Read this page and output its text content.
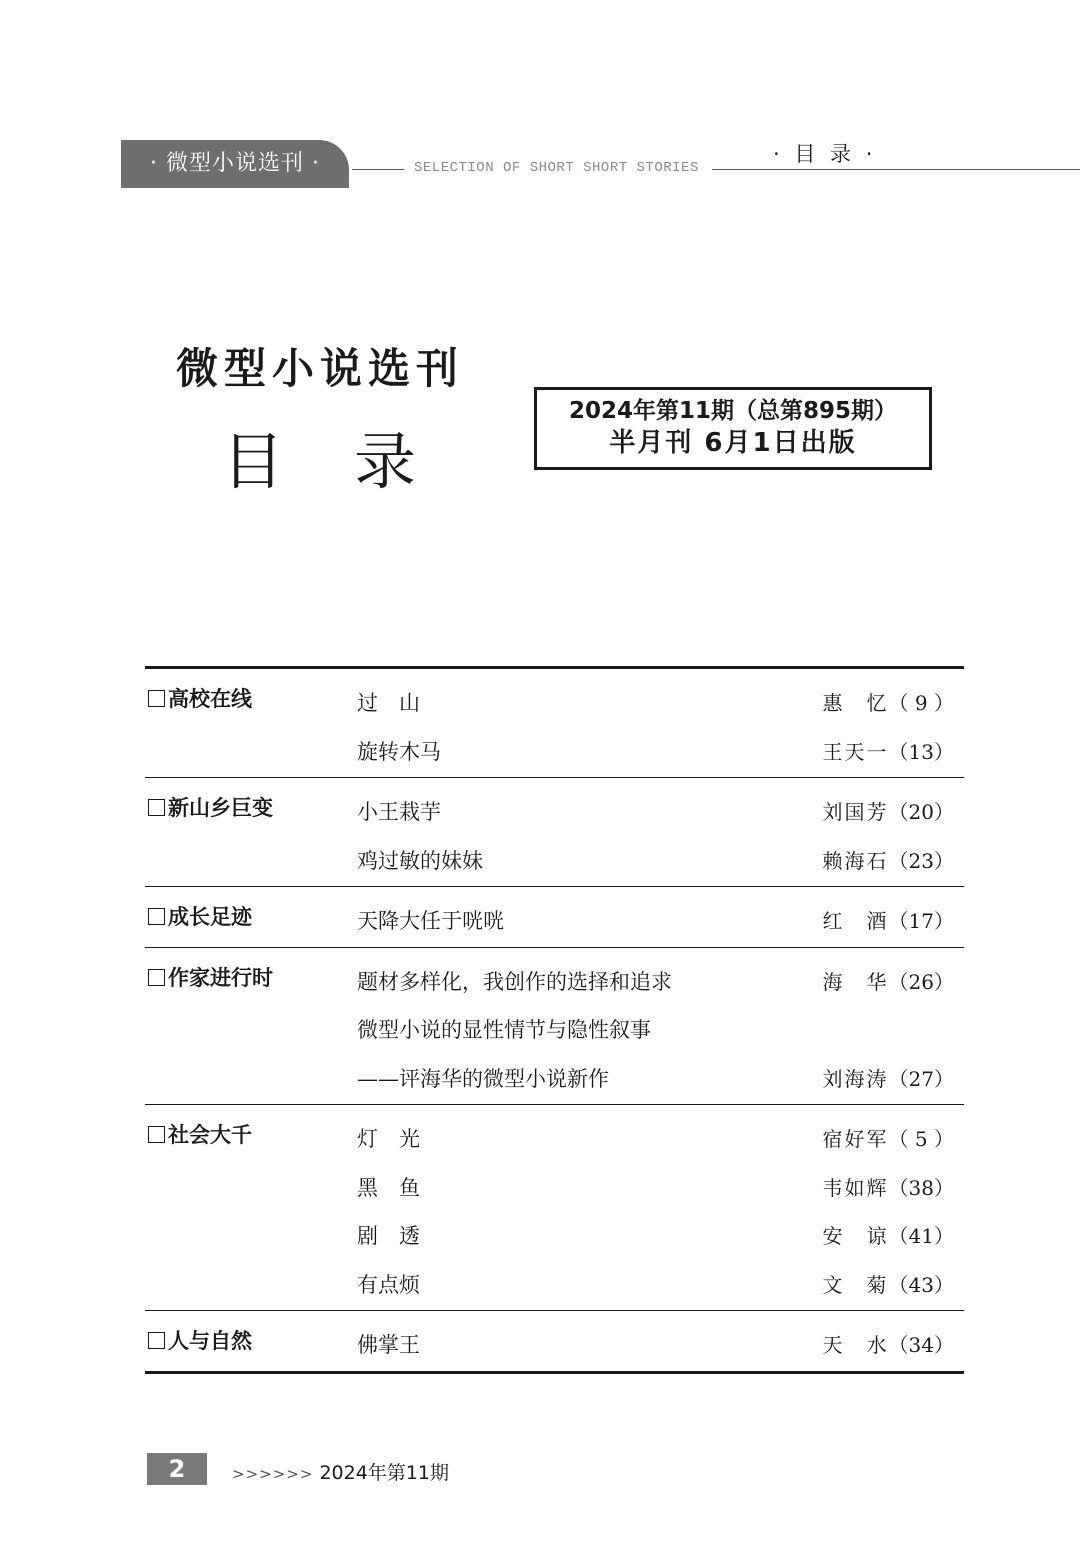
· 微型小说选刊 ·	SELECTION OF SHORT SHORT STORIES
· 目 录 ·
微型小说选刊
目录
2024年第11期（总第895期）
半月刊 6月1日出版
高校在线	过　山	惠　忆（ 9 ）
旋转木马	王天一（13）
新山乡巨变	小王栽芋	刘国芳（20）
鸡过敏的妹妹	赖海石（23）
成长足迹	天降大任于咣咣	红　酒（17）
作家进行时	题材多样化，我创作的选择和追求	海　华（26）
微型小说的显性情节与隐性叙事
——评海华的微型小说新作	刘海涛（27）
社会大千	灯　光	宿好军（ 5 ）
黑　鱼	韦如辉（38）
剧　透	安　谅（41）
有点烦	文　菊（43）
人与自然	佛掌王	天　水（34）
2	>>>>>> 2024年第11期
